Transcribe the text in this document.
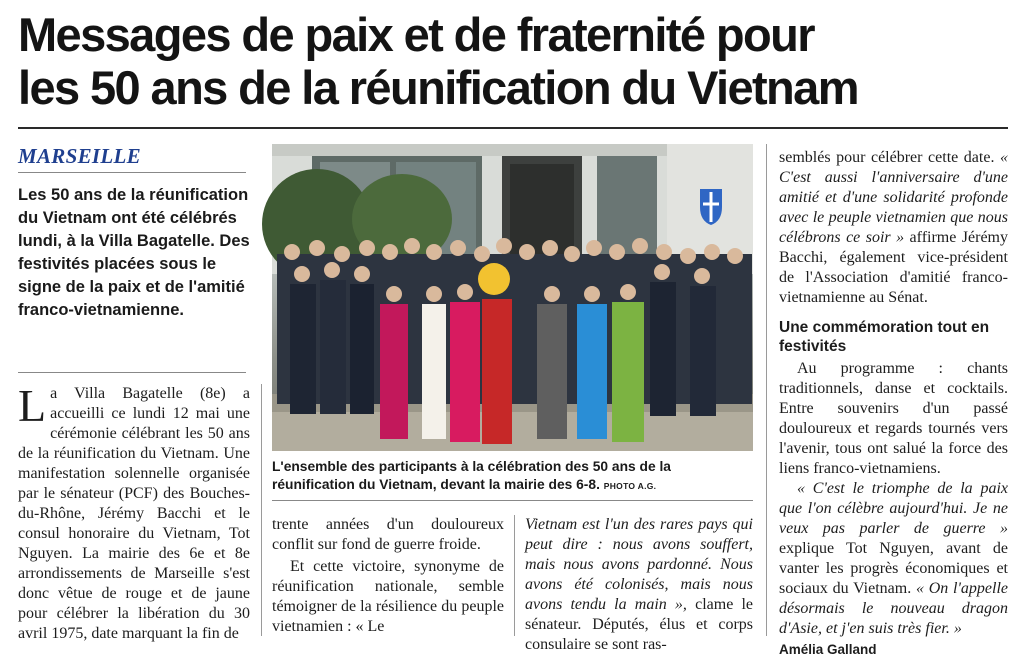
Messages de paix et de fraternité pour
les 50 ans de la réunification du Vietnam
MARSEILLE
Les 50 ans de la réunification du Vietnam ont été célébrés lundi, à la Villa Bagatelle. Des festivités placées sous le signe de la paix et de l'amitié franco-vietnamienne.

L a Villa Bagatelle (8e) a accueilli ce lundi 12 mai une cérémonie célébrant les 50 ans de la réunification du Vietnam. Une manifestation solennelle organisée par le sénateur (PCF) des Bouches-du-Rhône, Jérémy Bacchi et le consul honoraire du Vietnam, Tot Nguyen. La mairie des 6e et 8e arrondissements de Marseille s'est donc vêtue de rouge et de jaune pour célébrer la libération du 30 avril 1975, date marquant la fin de

L'ensemble des participants à la célébration des 50 ans de la réunification du Vietnam, devant la mairie des 6-8. PHOTO A.G.

trente années d'un douloureux conflit sur fond de guerre froide.

Et cette victoire, synonyme de réunification nationale, semble témoigner de la résilience du peuple vietnamien : « Le

Vietnam est l'un des rares pays qui peut dire : nous avons souffert, mais nous avons pardonné. Nous avons été colonisés, mais nous avons tendu la main », clame le sénateur. Députés, élus et corps consulaire se sont ras-

semblés pour célébrer cette date. « C'est aussi l'anniversaire d'une amitié et d'une solidarité profonde avec le peuple vietnamien que nous célébrons ce soir » affirme Jérémy Bacchi, également vice-président de l'Association d'amitié franco-vietnamienne au Sénat.

Une commémoration tout en festivités

Au programme : chants traditionnels, danse et cocktails. Entre souvenirs d'un passé douloureux et regards tournés vers l'avenir, tous ont salué la force des liens franco-vietnamiens.

« C'est le triomphe de la paix que l'on célèbre aujourd'hui. Je ne veux pas parler de guerre » explique Tot Nguyen, avant de vanter les progrès économiques et sociaux du Vietnam. « On l'appelle désormais le nouveau dragon d'Asie, et j'en suis très fier. »

Amélia Galland
